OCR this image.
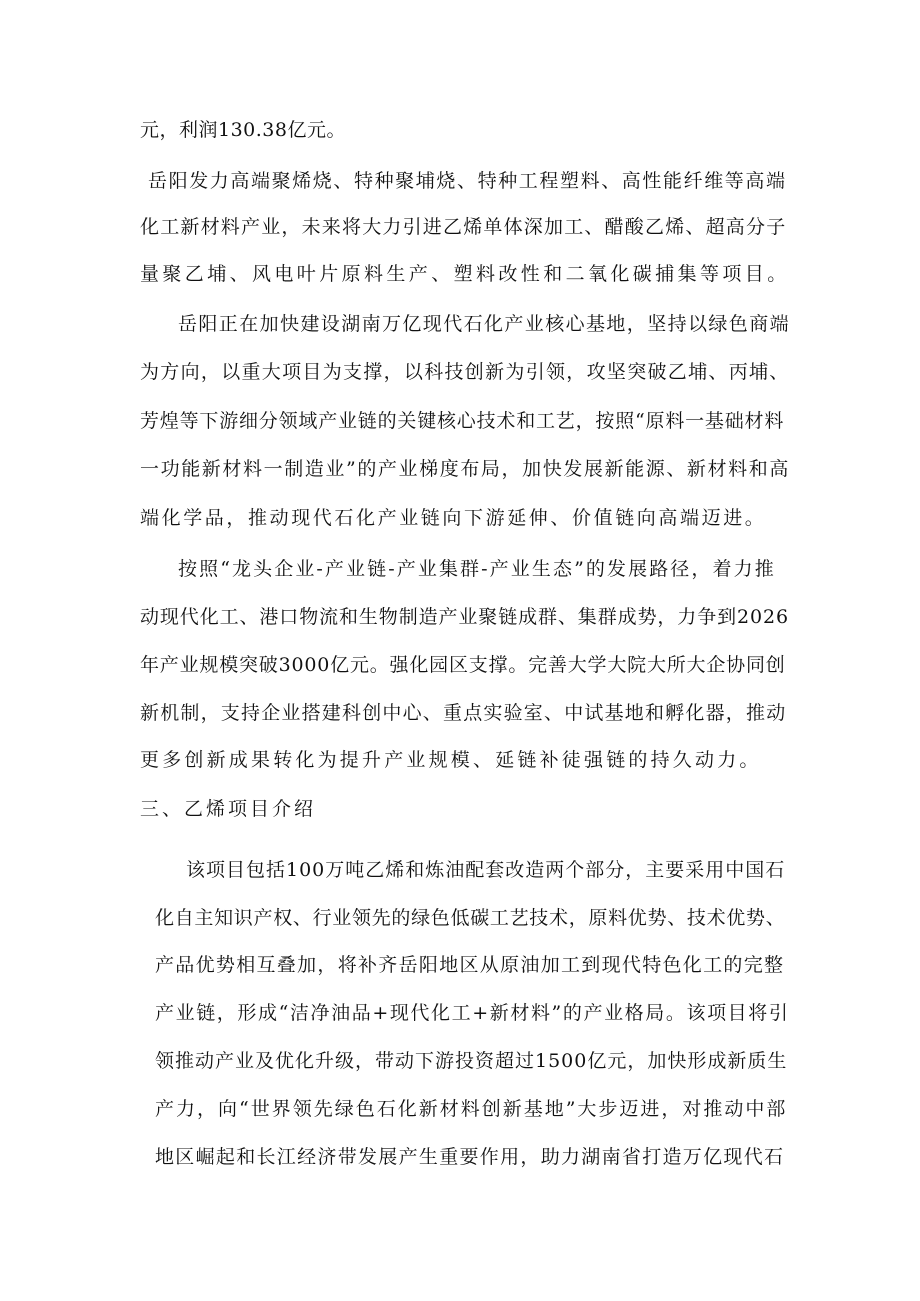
元，利润130.38亿元。
岳阳发力高端聚烯烧、特种聚埔烧、特种工程塑料、高性能纤维等高端
化工新材料产业，未来将大力引进乙烯单体深加工、醋酸乙烯、超高分子
量聚乙埔、风电叶片原料生产、塑料改性和二氧化碳捕集等项目。
岳阳正在加快建设湖南万亿现代石化产业核心基地，坚持以绿色商端
为方向，以重大项目为支撑，以科技创新为引领，攻坚突破乙埔、丙埔、
芳煌等下游细分领域产业链的关键核心技术和工艺，按照“原料一基础材料
一功能新材料一制造业”的产业梯度布局，加快发展新能源、新材料和高
端化学品，推动现代石化产业链向下游延伸、价值链向高端迈进。
按照“龙头企业-产业链-产业集群-产业生态”的发展路径，着力推
动现代化工、港口物流和生物制造产业聚链成群、集群成势，力争到2026
年产业规模突破3000亿元。强化园区支撑。完善大学大院大所大企协同创
新机制，支持企业搭建科创中心、重点实验室、中试基地和孵化器，推动
更多创新成果转化为提升产业规模、延链补徒强链的持久动力。
三、乙烯项目介绍
该项目包括100万吨乙烯和炼油配套改造两个部分，主要采用中国石
化自主知识产权、行业领先的绿色低碳工艺技术，原料优势、技术优势、
产品优势相互叠加，将补齐岳阳地区从原油加工到现代特色化工的完整
产业链，形成“洁净油品+现代化工+新材料”的产业格局。该项目将引
领推动产业及优化升级，带动下游投资超过1500亿元，加快形成新质生
产力，向“世界领先绿色石化新材料创新基地”大步迈进，对推动中部
地区崛起和长江经济带发展产生重要作用，助力湖南省打造万亿现代石
